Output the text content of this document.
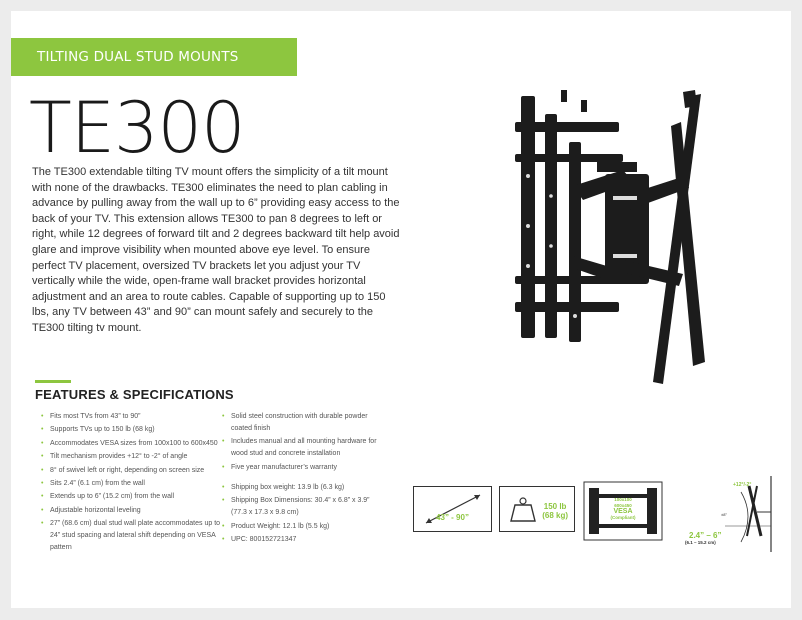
TILTING DUAL STUD MOUNTS
TE300

The TE300 extendable tilting TV mount offers the simplicity of a tilt mount with none of the drawbacks. TE300 eliminates the need to plan cabling in advance by pulling away from the wall up to 6” providing easy access to the back of your TV. This extension allows TE300 to pan 8 degrees to left or right, while 12 degrees of forward tilt and 2 degrees backward tilt help avoid glare and improve visibility when mounted above eye level. To ensure perfect TV placement, oversized TV brackets let you adjust your TV vertically while the wide, open-frame wall bracket provides horizontal adjustment and an area to route cables. Capable of supporting up to 150 lbs, any TV between 43” and 90” can mount safely and securely to the TE300 tilting tv mount.

FEATURES & SPECIFICATIONS
• Fits most TVs from 43” to 90”
• Supports TVs up to 150 lb (68 kg)
• Accommodates VESA sizes from 100x100 to 600x450
• Tilt mechanism provides +12° to -2° of angle
• 8° of swivel left or right, depending on screen size
• Sits 2.4” (6.1 cm) from the wall
• Extends up to 6” (15.2 cm) from the wall
• Adjustable horizontal leveling
• 27” (68.6 cm) dual stud wall plate accommodates up to 24” stud spacing and lateral shift depending on VESA pattern
• Solid steel construction with durable powder coated finish
• Includes manual and all mounting hardware for wood stud and concrete installation
• Five year manufacturer’s warranty
• Shipping box weight: 13.9 lb (6.3 kg)
• Shipping Box Dimensions: 30.4” x 6.8” x 3.9” (77.3 x 17.3 x 9.8 cm)
• Product Weight: 12.1 lb (5.5 kg)
• UPC: 800152721347
43” - 90”
150 lb
(68 kg)
100x100
600x450
VESA
(Compliant)
+12°/-2°
±8°
2.4” – 6”
(6.1 – 15.2 cm)
